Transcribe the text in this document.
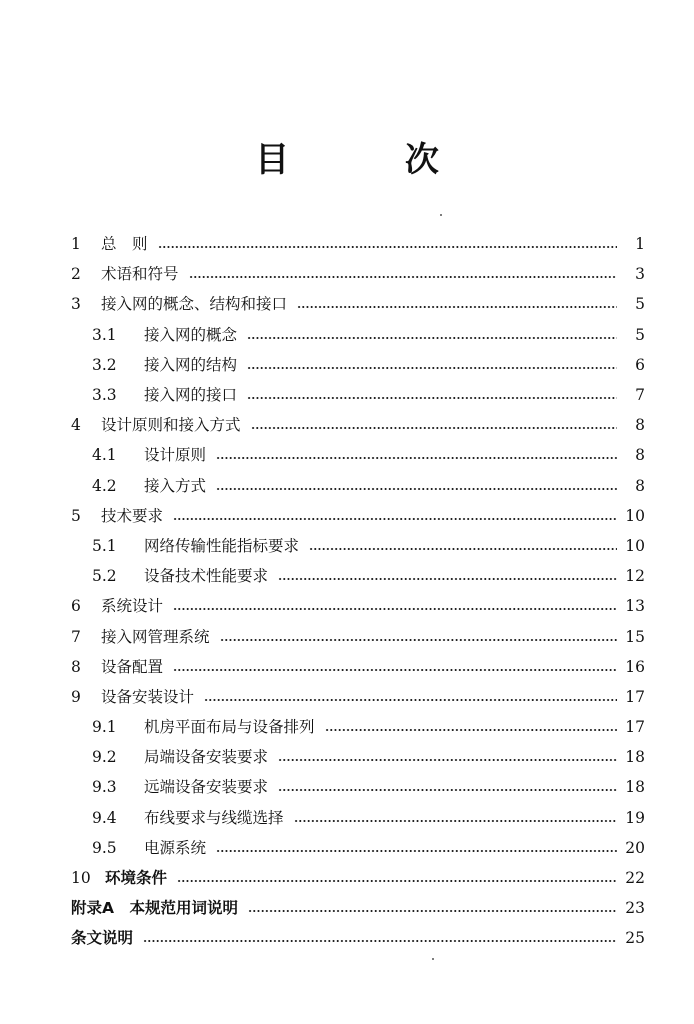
目 次
1	总　则	1
2	术语和符号	3
3	接入网的概念、结构和接口	5
3.1	接入网的概念	5
3.2	接入网的结构	6
3.3	接入网的接口	7
4	设计原则和接入方式	8
4.1	设计原则	8
4.2	接入方式	8
5	技术要求	10
5.1	网络传输性能指标要求	10
5.2	设备技术性能要求	12
6	系统设计	13
7	接入网管理系统	15
8	设备配置	16
9	设备安装设计	17
9.1	机房平面布局与设备排列	17
9.2	局端设备安装要求	18
9.3	远端设备安装要求	18
9.4	布线要求与线缆选择	19
9.5	电源系统	20
10 环境条件	22
附录A　本规范用词说明	23
条文说明	25
